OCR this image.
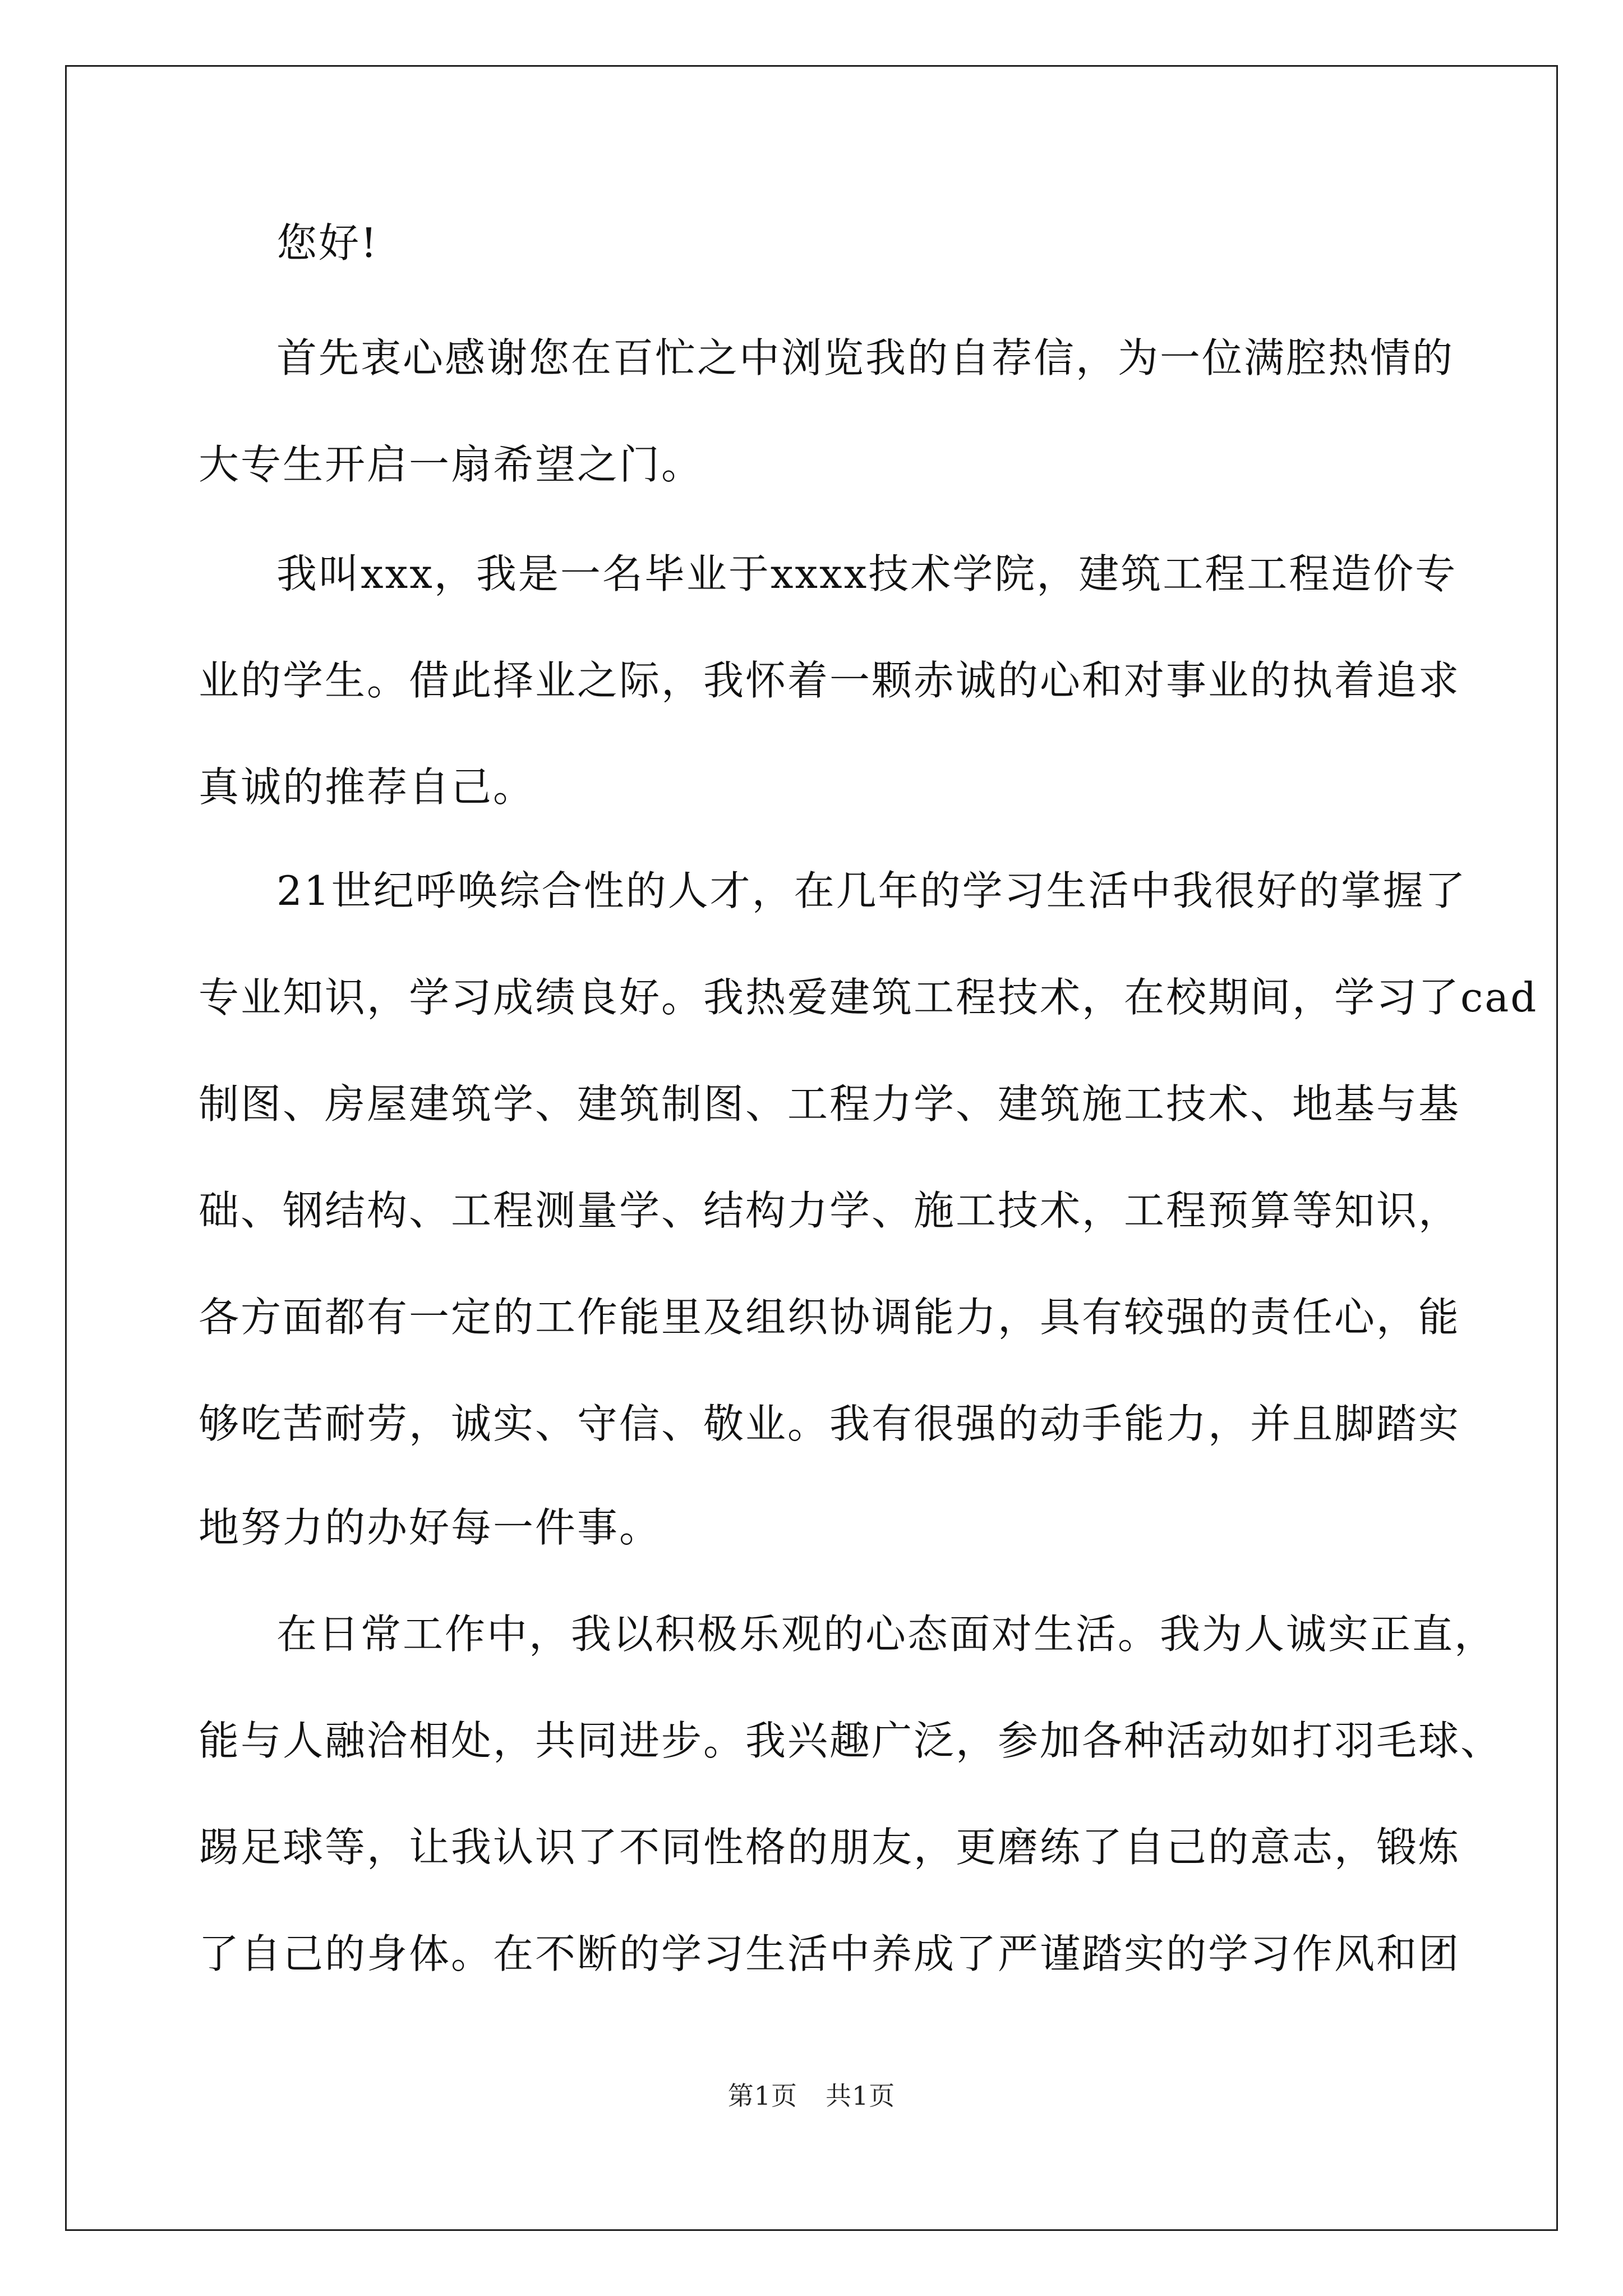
您好!

首先衷心感谢您在百忙之中浏览我的自荐信，为一位满腔热情的

大专生开启一扇希望之门。

我叫xxx，我是一名毕业于xxxx技术学院，建筑工程工程造价专

业的学生。借此择业之际，我怀着一颗赤诚的心和对事业的执着追求

真诚的推荐自己。

21世纪呼唤综合性的人才，在几年的学习生活中我很好的掌握了

专业知识，学习成绩良好。我热爱建筑工程技术，在校期间，学习了cad

制图、房屋建筑学、建筑制图、工程力学、建筑施工技术、地基与基

础、钢结构、工程测量学、结构力学、施工技术，工程预算等知识，

各方面都有一定的工作能里及组织协调能力，具有较强的责任心，能

够吃苦耐劳，诚实、守信、敬业。我有很强的动手能力，并且脚踏实

地努力的办好每一件事。

在日常工作中，我以积极乐观的心态面对生活。我为人诚实正直，

能与人融洽相处，共同进步。我兴趣广泛，参加各种活动如打羽毛球、

踢足球等，让我认识了不同性格的朋友，更磨练了自己的意志，锻炼

了自己的身体。在不断的学习生活中养成了严谨踏实的学习作风和团

第1页 共1页
